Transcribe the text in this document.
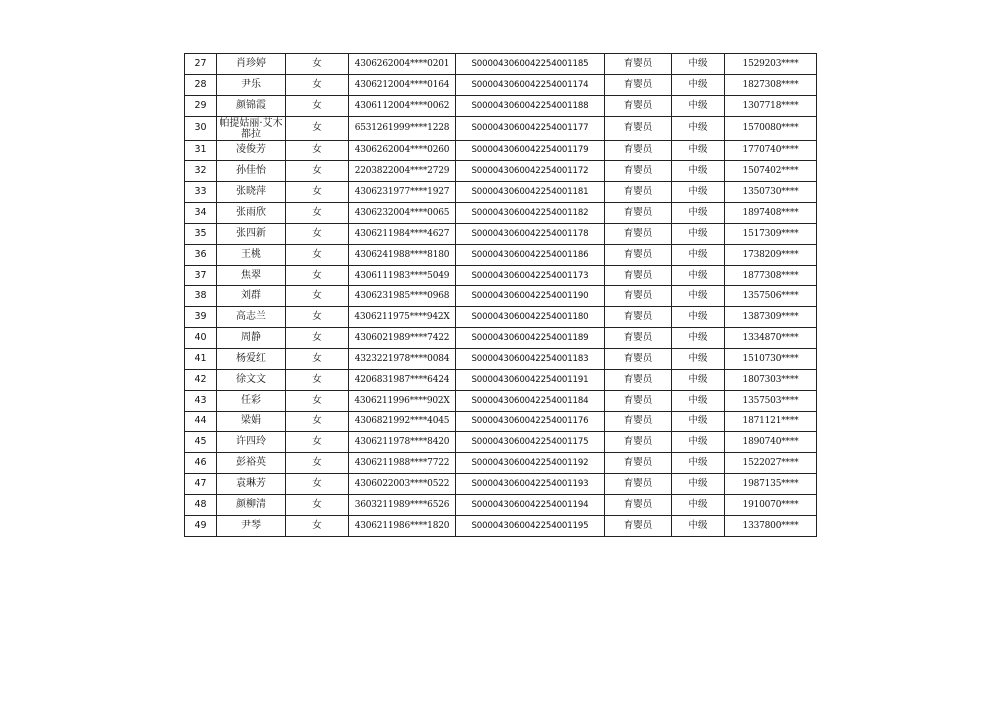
27	肖珍婷	女	4306262004****0201	S000043060042254001185	育婴员	中级	1529203****
28	尹乐	女	4306212004****0164	S000043060042254001174	育婴员	中级	1827308****
29	颜锦霞	女	4306112004****0062	S000043060042254001188	育婴员	中级	1307718****
30	帕提姑丽·艾木都拉	女	6531261999****1228	S000043060042254001177	育婴员	中级	1570080****
31	凌俊芳	女	4306262004****0260	S000043060042254001179	育婴员	中级	1770740****
32	孙佳怡	女	2203822004****2729	S000043060042254001172	育婴员	中级	1507402****
33	张晓萍	女	4306231977****1927	S000043060042254001181	育婴员	中级	1350730****
34	张雨欣	女	4306232004****0065	S000043060042254001182	育婴员	中级	1897408****
35	张四新	女	4306211984****4627	S000043060042254001178	育婴员	中级	1517309****
36	王桃	女	4306241988****8180	S000043060042254001186	育婴员	中级	1738209****
37	焦翠	女	4306111983****5049	S000043060042254001173	育婴员	中级	1877308****
38	刘群	女	4306231985****0968	S000043060042254001190	育婴员	中级	1357506****
39	高志兰	女	4306211975****942X	S000043060042254001180	育婴员	中级	1387309****
40	周静	女	4306021989****7422	S000043060042254001189	育婴员	中级	1334870****
41	杨爱红	女	4323221978****0084	S000043060042254001183	育婴员	中级	1510730****
42	徐文文	女	4206831987****6424	S000043060042254001191	育婴员	中级	1807303****
43	任彩	女	4306211996****902X	S000043060042254001184	育婴员	中级	1357503****
44	梁娟	女	4306821992****4045	S000043060042254001176	育婴员	中级	1871121****
45	许四玲	女	4306211978****8420	S000043060042254001175	育婴员	中级	1890740****
46	彭裕英	女	4306211988****7722	S000043060042254001192	育婴员	中级	1522027****
47	袁琳芳	女	4306022003****0522	S000043060042254001193	育婴员	中级	1987135****
48	颜柳清	女	3603211989****6526	S000043060042254001194	育婴员	中级	1910070****
49	尹琴	女	4306211986****1820	S000043060042254001195	育婴员	中级	1337800****
